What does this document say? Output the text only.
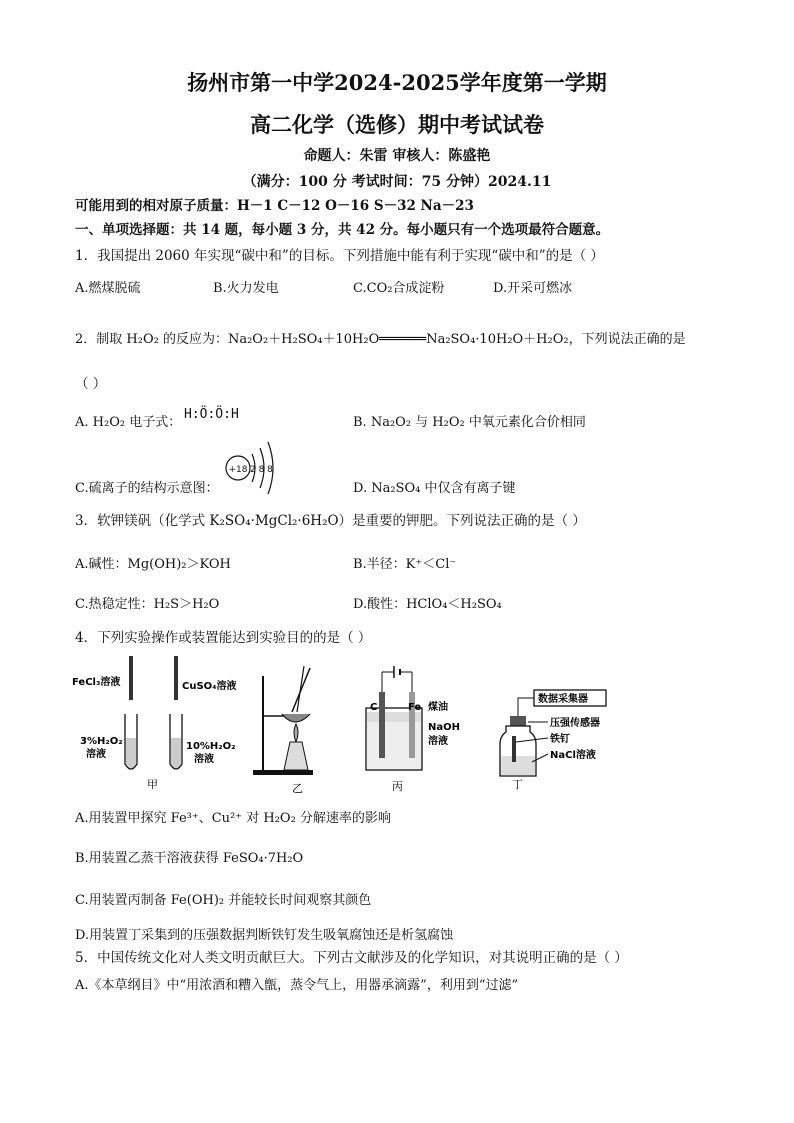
扬州市第一中学2024-2025学年度第一学期
高二化学（选修）期中考试试卷
命题人：朱雷 审核人：陈盛艳
（满分：100 分 考试时间：75 分钟）2024.11
可能用到的相对原子质量：H－1 C－12 O－16 S－32 Na－23
一、单项选择题：共 14 题，每小题 3 分，共 42 分。每小题只有一个选项最符合题意。
1．我国提出 2060 年实现“碳中和”的目标。下列措施中能有利于实现“碳中和”的是（ ）
A.燃煤脱硫	B.火力发电	C.CO₂合成淀粉	D.开采可燃冰
2．制取 H₂O₂ 的反应为：Na₂O₂＋H₂SO₄＋10H₂O══════Na₂SO₄·10H₂O＋H₂O₂，下列说法正确的是
（ ）
A. H₂O₂ 电子式：
H:Ö:Ö:H
B. Na₂O₂ 与 H₂O₂ 中氧元素化合价相同
C.硫离子的结构示意图：
+18 2 8 8
D. Na₂SO₄ 中仅含有离子键
3．软钾镁矾（化学式 K₂SO₄·MgCl₂·6H₂O）是重要的钾肥。下列说法正确的是（ ）
A.碱性：Mg(OH)₂＞KOH	B.半径：K⁺＜Cl⁻
C.热稳定性：H₂S＞H₂O	D.酸性：HClO₄＜H₂SO₄
4．下列实验操作或装置能达到实验目的的是（ ）
FeCl₃溶液	CuSO₄溶液
3%H₂O₂
溶液
10%H₂O₂
溶液
甲	乙
C	Fe 煤油
NaOH
溶液
丙
数据采集器
压强传感器
铁钉
NaCl溶液
丁
A.用装置甲探究 Fe³⁺、Cu²⁺ 对 H₂O₂ 分解速率的影响
B.用装置乙蒸干溶液获得 FeSO₄·7H₂O
C.用装置丙制备 Fe(OH)₂ 并能较长时间观察其颜色
D.用装置丁采集到的压强数据判断铁钉发生吸氧腐蚀还是析氢腐蚀
5．中国传统文化对人类文明贡献巨大。下列古文献涉及的化学知识，对其说明正确的是（ ）
A.《本草纲目》中“用浓酒和糟入甑，蒸令气上，用器承滴露”，利用到“过滤”
